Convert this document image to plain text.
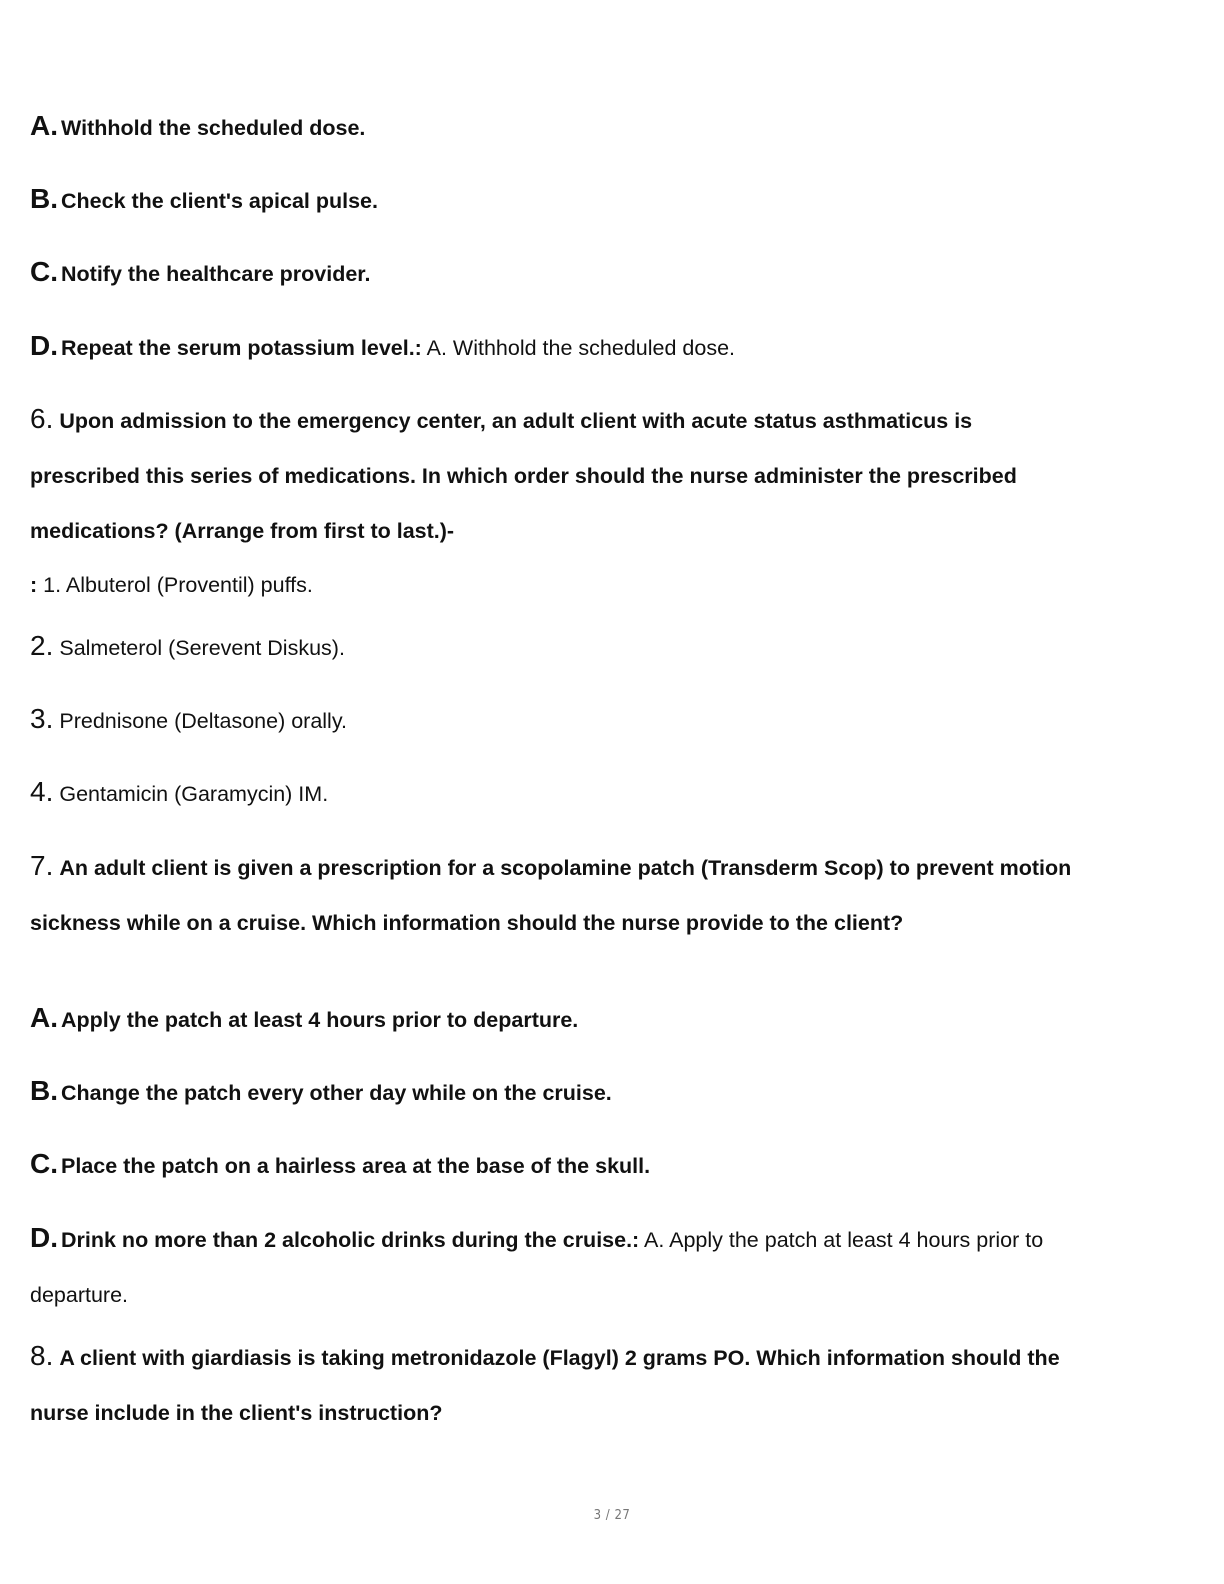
A. Withhold the scheduled dose.
B. Check the client's apical pulse.
C. Notify the healthcare provider.
D. Repeat the serum potassium level.: A. Withhold the scheduled dose.
6. Upon admission to the emergency center, an adult client with acute status asthmaticus is
prescribed this series of medications. In which order should the nurse administer the prescribed
medications? (Arrange from first to last.)-
: 1. Albuterol (Proventil) puffs.
2. Salmeterol (Serevent Diskus).
3. Prednisone (Deltasone) orally.
4. Gentamicin (Garamycin) IM.
7. An adult client is given a prescription for a scopolamine patch (Transderm Scop) to prevent motion
sickness while on a cruise. Which information should the nurse provide to the client?
A. Apply the patch at least 4 hours prior to departure.
B. Change the patch every other day while on the cruise.
C. Place the patch on a hairless area at the base of the skull.
D. Drink no more than 2 alcoholic drinks during the cruise.: A. Apply the patch at least 4 hours prior to
departure.
8. A client with giardiasis is taking metronidazole (Flagyl) 2 grams PO. Which information should the
nurse include in the client's instruction?
3 / 27
